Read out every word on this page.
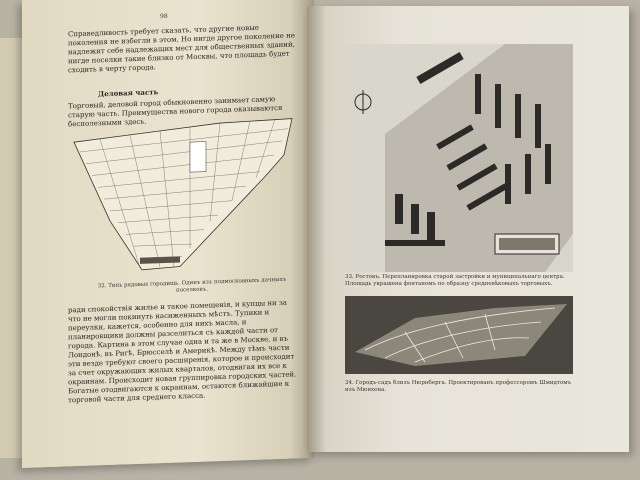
98
Справедливость требует сказать, что другие новые поколения не избегли в этом. Но нигде другое поколение не надлежит себе надлежащих мест для общественных зданий, нигде поселки такие близко от Москвы, что площадь будет сходить в черту города.
Деловая часть
Торговый, деловой город обыкновенно занимает самую старую часть. Преимущества нового города оказываются бесполезными здесь.
32. Типь рядовых городищь. Одинъ изъ подмосковныхъ дачныхъ поселковъ.
ради спокойствія жилье и такое помещенія, и купцы ни за что не могли покинуть насиженныхъ мѣстъ. Тупики и переулки, кажется, особенно для нихъ масла, и планировщики должны разселиться съ каждой части от города. Картина в этом случае одна и та же в Москве, и въ Лондонѣ, въ Ригѣ, Брюсселѣ и Америкѣ. Между тѣмъ части эти везде требуют своего расширенія, которое и происходит за счет окружающих жилых кварталов, отодвигая их все к окраинам. Происходит новая группировка городских частей. Богатые отодвигаются к окраинам, остаются ближайшие к торговой части для среднего класса.
33. Ростокъ. Перепланировка старой застройки и муниципальнаго центра. Площадь украшена фонтаномъ по образцу средневѣковыхъ торговыхъ.
34. Городъ-садъ близъ Нюрнберга. Проектированъ профессоромъ Шмидтомъ изъ Мюнхена.
